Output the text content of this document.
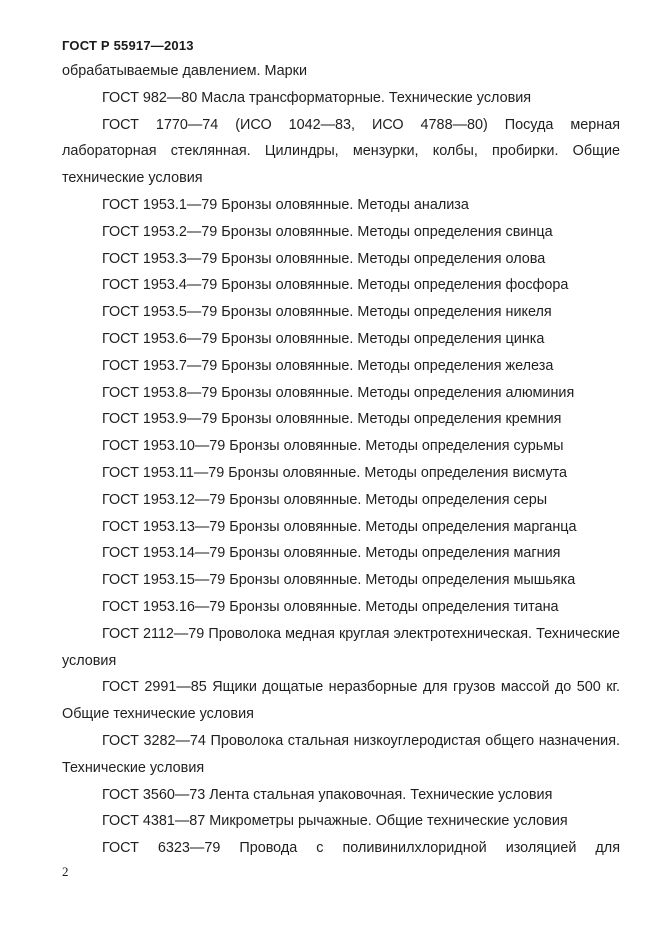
ГОСТ Р 55917—2013

обрабатываемые давлением. Марки

ГОСТ 982—80 Масла трансформаторные. Технические условия

ГОСТ 1770—74 (ИСО 1042—83, ИСО 4788—80) Посуда мерная лабораторная стеклянная. Цилиндры, мензурки, колбы, пробирки. Общие технические условия

ГОСТ 1953.1—79 Бронзы оловянные. Методы анализа

ГОСТ 1953.2—79 Бронзы оловянные. Методы определения свинца

ГОСТ 1953.3—79 Бронзы оловянные. Методы определения олова

ГОСТ 1953.4—79 Бронзы оловянные. Методы определения фосфора

ГОСТ 1953.5—79 Бронзы оловянные. Методы определения никеля

ГОСТ 1953.6—79 Бронзы оловянные. Методы определения цинка

ГОСТ 1953.7—79 Бронзы оловянные. Методы определения железа

ГОСТ 1953.8—79 Бронзы оловянные. Методы определения алюминия

ГОСТ 1953.9—79 Бронзы оловянные. Методы определения кремния

ГОСТ 1953.10—79 Бронзы оловянные. Методы определения сурьмы

ГОСТ 1953.11—79 Бронзы оловянные. Методы определения висмута

ГОСТ 1953.12—79 Бронзы оловянные. Методы определения серы

ГОСТ 1953.13—79 Бронзы оловянные. Методы определения марганца

ГОСТ 1953.14—79 Бронзы оловянные. Методы определения магния

ГОСТ 1953.15—79 Бронзы оловянные. Методы определения мышьяка

ГОСТ 1953.16—79 Бронзы оловянные. Методы определения титана

ГОСТ 2112—79 Проволока медная круглая электротехническая. Технические условия

ГОСТ 2991—85 Ящики дощатые неразборные для грузов массой до 500 кг. Общие технические условия

ГОСТ 3282—74 Проволока стальная низкоуглеродистая общего назначения. Технические условия

ГОСТ 3560—73 Лента стальная упаковочная. Технические условия

ГОСТ 4381—87 Микрометры рычажные. Общие технические условия

ГОСТ 6323—79 Провода с поливинилхлоридной изоляцией для

2
